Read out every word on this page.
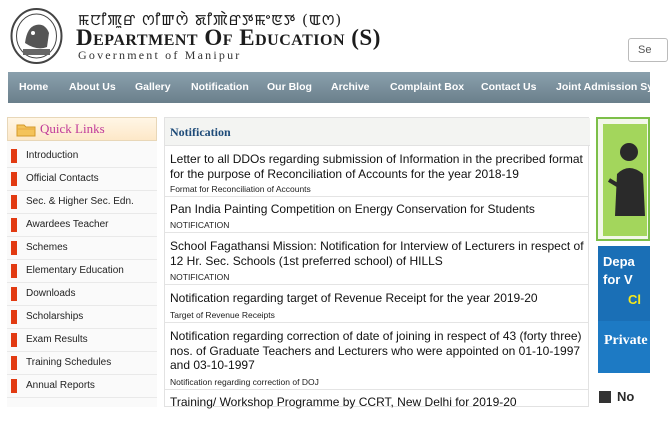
ꯃꯅꯤꯄꯨꯔ ꯁꯤꯛꯁꯥ ꯗꯤꯄꯥꯔꯇꯃꯦꯟꯇ (ꯑꯁ)
Department Of Education (S)
Government of Manipur	Se
Home About Us Gallery Notification Our Blog Archive Complaint Box Contact Us Joint Admission Sys
Quick Links
Introduction
Official Contacts
Sec. & Higher Sec. Edn.
Awardees Teacher
Schemes
Elementary Education
Downloads
Scholarships
Exam Results
Training Schedules
Annual Reports
Notification
Letter to all DDOs regarding submission of Information in the precribed format for the purpose of Reconciliation of Accounts for the year 2018-19
Format for Reconciliation of Accounts
Pan India Painting Competition on Energy Conservation for Students
NOTIFICATION
School Fagathansi Mission: Notification for Interview of Lecturers in respect of 12 Hr. Sec. Schools (1st preferred school) of HILLS
NOTIFICATION
Notification regarding target of Revenue Receipt for the year 2019-20
Target of Revenue Receipts
Notification regarding correction of date of joining in respect of 43 (forty three) nos. of Graduate Teachers and Lecturers who were appointed on 01-10-1997 and 03-10-1997
Notification regarding correction of DOJ
Training/ Workshop Programme by CCRT, New Delhi for 2019-20
Depa
for V
Cl
Private
No
